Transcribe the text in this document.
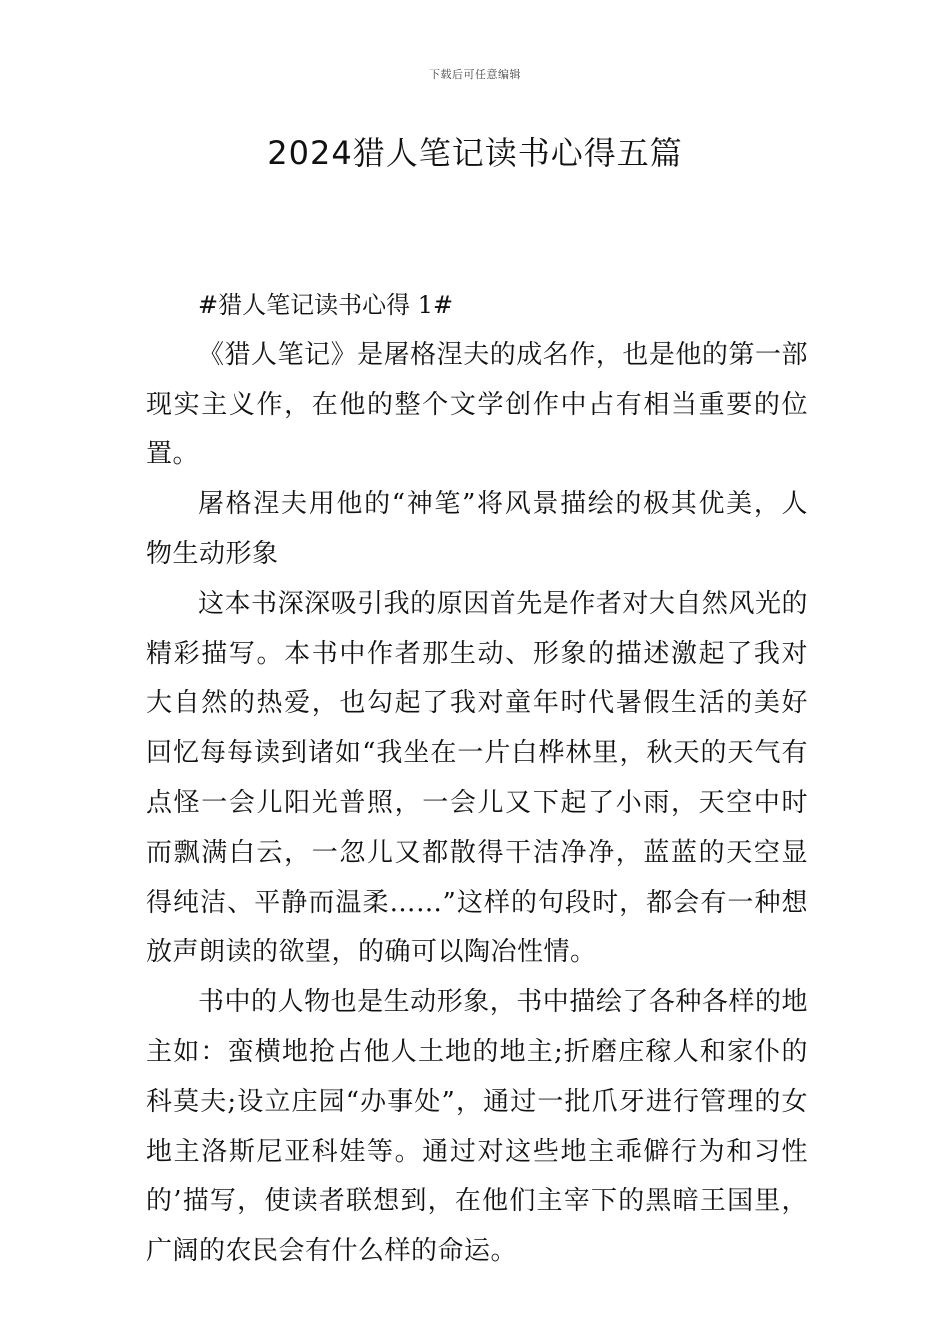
下载后可任意编辑
2024猎人笔记读书心得五篇

#猎人笔记读书心得 1#

《猎人笔记》是屠格涅夫的成名作，也是他的第一部现实主义作，在他的整个文学创作中占有相当重要的位置。

屠格涅夫用他的“神笔”将风景描绘的极其优美，人物生动形象

这本书深深吸引我的原因首先是作者对大自然风光的精彩描写。本书中作者那生动、形象的描述激起了我对大自然的热爱，也勾起了我对童年时代暑假生活的美好回忆每每读到诸如“我坐在一片白桦林里，秋天的天气有点怪一会儿阳光普照，一会儿又下起了小雨，天空中时而飘满白云，一忽儿又都散得干洁净净，蓝蓝的天空显得纯洁、平静而温柔……”这样的句段时，都会有一种想放声朗读的欲望，的确可以陶冶性情。

书中的人物也是生动形象，书中描绘了各种各样的地主如：蛮横地抢占他人土地的地主;折磨庄稼人和家仆的科莫夫;设立庄园“办事处”，通过一批爪牙进行管理的女地主洛斯尼亚科娃等。通过对这些地主乖僻行为和习性的’描写，使读者联想到，在他们主宰下的黑暗王国里，广阔的农民会有什么样的命运。
